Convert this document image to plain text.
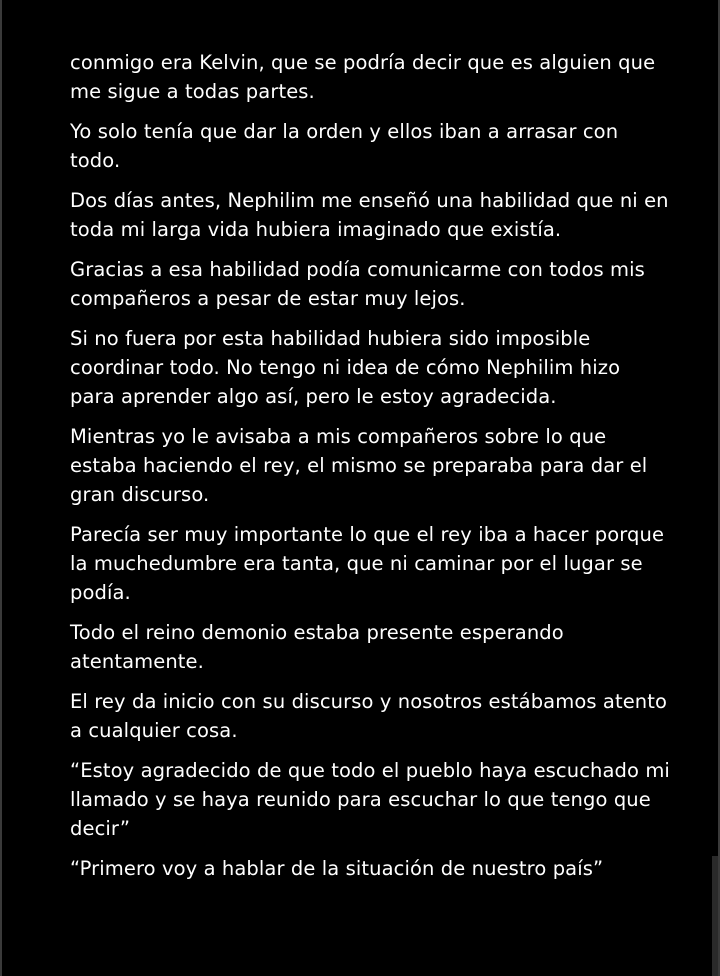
conmigo era Kelvin, que se podría decir que es alguien que me sigue a todas partes.

Yo solo tenía que dar la orden y ellos iban a arrasar con todo.

Dos días antes, Nephilim me enseñó una habilidad que ni en toda mi larga vida hubiera imaginado que existía.

Gracias a esa habilidad podía comunicarme con todos mis compañeros a pesar de estar muy lejos.

Si no fuera por esta habilidad hubiera sido imposible coordinar todo. No tengo ni idea de cómo Nephilim hizo para aprender algo así, pero le estoy agradecida.

Mientras yo le avisaba a mis compañeros sobre lo que estaba haciendo el rey, el mismo se preparaba para dar el gran discurso.

Parecía ser muy importante lo que el rey iba a hacer porque la muchedumbre era tanta, que ni caminar por el lugar se podía.

Todo el reino demonio estaba presente esperando atentamente.

El rey da inicio con su discurso y nosotros estábamos atento a cualquier cosa.

“Estoy agradecido de que todo el pueblo haya escuchado mi llamado y se haya reunido para escuchar lo que tengo que decir”

“Primero voy a hablar de la situación de nuestro país”
